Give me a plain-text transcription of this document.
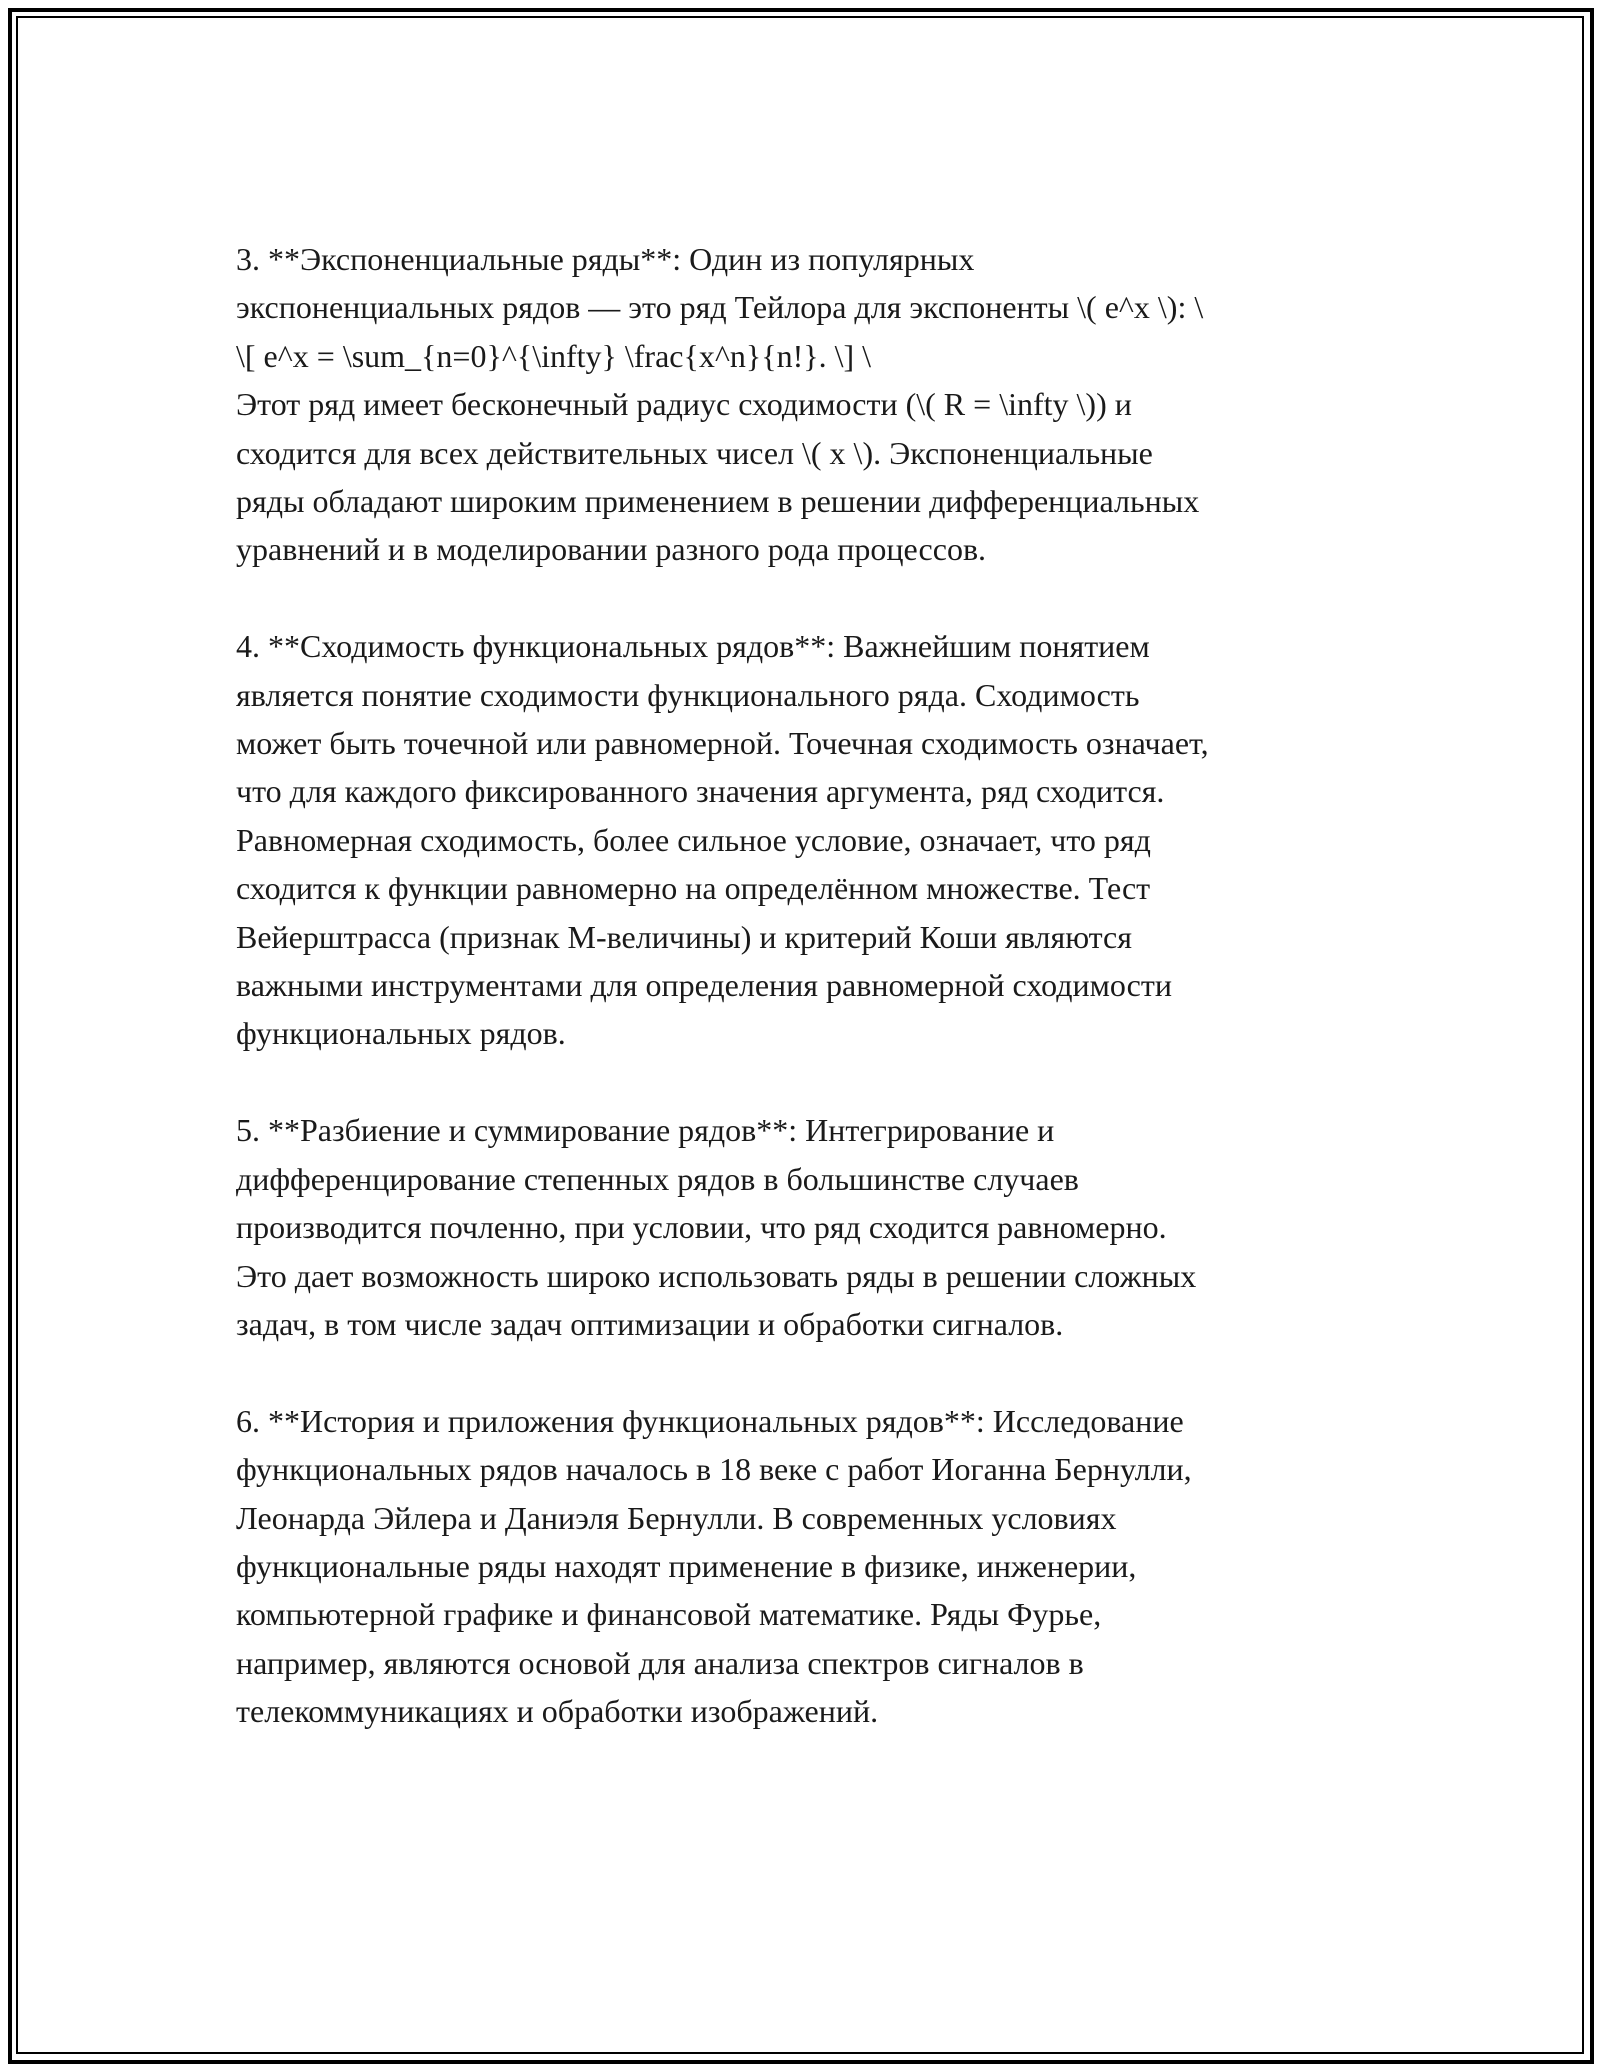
3. **Экспоненциальные ряды**: Один из популярных
экспоненциальных рядов — это ряд Тейлора для экспоненты \( e^x \): \
\[ e^x = \sum_{n=0}^{\infty} \frac{x^n}{n!}. \] \
Этот ряд имеет бесконечный радиус сходимости (\( R = \infty \)) и
сходится для всех действительных чисел \( x \). Экспоненциальные
ряды обладают широким применением в решении дифференциальных
уравнений и в моделировании разного рода процессов.

4. **Сходимость функциональных рядов**: Важнейшим понятием
является понятие сходимости функционального ряда. Сходимость
может быть точечной или равномерной. Точечная сходимость означает,
что для каждого фиксированного значения аргумента, ряд сходится.
Равномерная сходимость, более сильное условие, означает, что ряд
сходится к функции равномерно на определённом множестве. Тест
Вейерштрасса (признак M-величины) и критерий Коши являются
важными инструментами для определения равномерной сходимости
функциональных рядов.

5. **Разбиение и суммирование рядов**: Интегрирование и
дифференцирование степенных рядов в большинстве случаев
производится почленно, при условии, что ряд сходится равномерно.
Это дает возможность широко использовать ряды в решении сложных
задач, в том числе задач оптимизации и обработки сигналов.

6. **История и приложения функциональных рядов**: Исследование
функциональных рядов началось в 18 веке с работ Иоганна Бернулли,
Леонарда Эйлера и Даниэля Бернулли. В современных условиях
функциональные ряды находят применение в физике, инженерии,
компьютерной графике и финансовой математике. Ряды Фурье,
например, являются основой для анализа спектров сигналов в
телекоммуникациях и обработки изображений.
